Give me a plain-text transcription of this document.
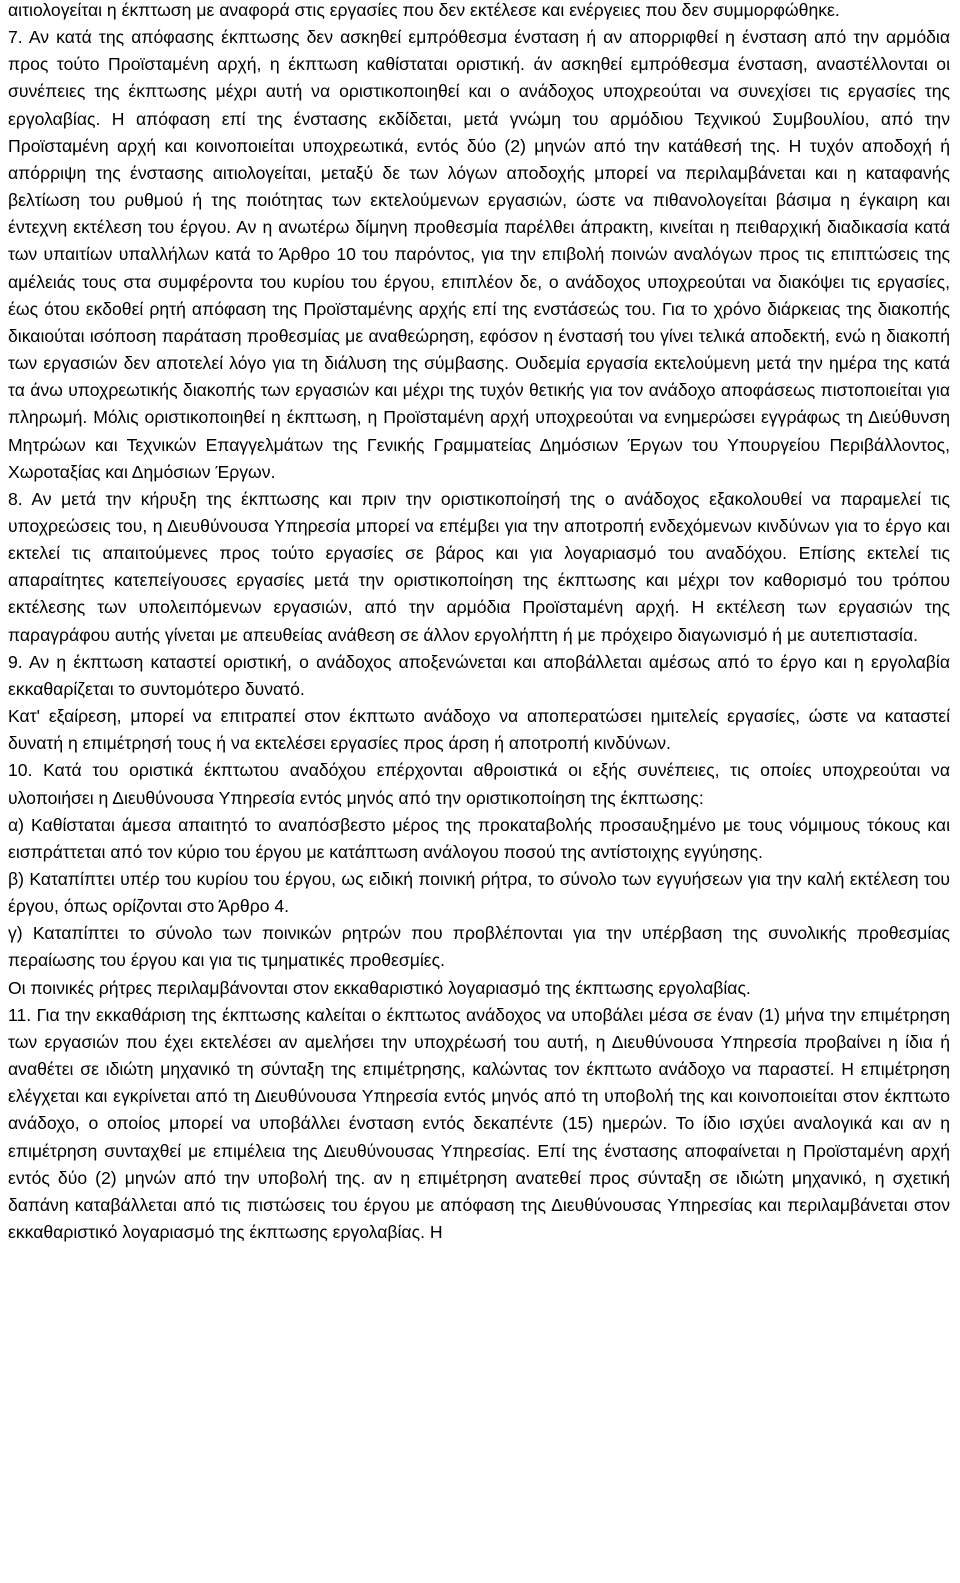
αιτιολογείται η έκπτωση με αναφορά στις εργασίες που δεν εκτέλεσε και ενέργειες που δεν συμμορφώθηκε.

7. Αν κατά της απόφασης έκπτωσης δεν ασκηθεί εμπρόθεσμα ένσταση ή αν απορριφθεί η ένσταση από την αρμόδια προς τούτο Προϊσταμένη αρχή, η έκπτωση καθίσταται οριστική. άν ασκηθεί εμπρόθεσμα ένσταση, αναστέλλονται οι συνέπειες της έκπτωσης μέχρι αυτή να οριστικοποιηθεί και ο ανάδοχος υποχρεούται να συνεχίσει τις εργασίες της εργολαβίας. Η απόφαση επί της ένστασης εκδίδεται, μετά γνώμη του αρμόδιου Τεχνικού Συμβουλίου, από την Προϊσταμένη αρχή και κοινοποιείται υποχρεωτικά, εντός δύο (2) μηνών από την κατάθεσή της. Η τυχόν αποδοχή ή απόρριψη της ένστασης αιτιολογείται, μεταξύ δε των λόγων αποδοχής μπορεί να περιλαμβάνεται και η καταφανής βελτίωση του ρυθμού ή της ποιότητας των εκτελούμενων εργασιών, ώστε να πιθανολογείται βάσιμα η έγκαιρη και έντεχνη εκτέλεση του έργου. Αν η ανωτέρω δίμηνη προθεσμία παρέλθει άπρακτη, κινείται η πειθαρχική διαδικασία κατά των υπαιτίων υπαλλήλων κατά το Άρθρο 10 του παρόντος, για την επιβολή ποινών αναλόγων προς τις επιπτώσεις της αμέλειάς τους στα συμφέροντα του κυρίου του έργου, επιπλέον δε, ο ανάδοχος υποχρεούται να διακόψει τις εργασίες, έως ότου εκδοθεί ρητή απόφαση της Προϊσταμένης αρχής επί της ενστάσεώς του. Για το χρόνο διάρκειας της διακοπής δικαιούται ισόποση παράταση προθεσμίας με αναθεώρηση, εφόσον η ένστασή του γίνει τελικά αποδεκτή, ενώ η διακοπή των εργασιών δεν αποτελεί λόγο για τη διάλυση της σύμβασης. Ουδεμία εργασία εκτελούμενη μετά την ημέρα της κατά τα άνω υποχρεωτικής διακοπής των εργασιών και μέχρι της τυχόν θετικής για τον ανάδοχο αποφάσεως πιστοποιείται για πληρωμή. Μόλις οριστικοποιηθεί η έκπτωση, η Προϊσταμένη αρχή υποχρεούται να ενημερώσει εγγράφως τη Διεύθυνση Μητρώων και Τεχνικών Επαγγελμάτων της Γενικής Γραμματείας Δημόσιων Έργων του Υπουργείου Περιβάλλοντος, Χωροταξίας και Δημόσιων Έργων.

8. Αν μετά την κήρυξη της έκπτωσης και πριν την οριστικοποίησή της ο ανάδοχος εξακολουθεί να παραμελεί τις υποχρεώσεις του, η Διευθύνουσα Υπηρεσία μπορεί να επέμβει για την αποτροπή ενδεχόμενων κινδύνων για το έργο και εκτελεί τις απαιτούμενες προς τούτο εργασίες σε βάρος και για λογαριασμό του αναδόχου. Επίσης εκτελεί τις απαραίτητες κατεπείγουσες εργασίες μετά την οριστικοποίηση της έκπτωσης και μέχρι τον καθορισμό του τρόπου εκτέλεσης των υπολειπόμενων εργασιών, από την αρμόδια Προϊσταμένη αρχή. Η εκτέλεση των εργασιών της παραγράφου αυτής γίνεται με απευθείας ανάθεση σε άλλον εργολήπτη ή με πρόχειρο διαγωνισμό ή με αυτεπιστασία.

9. Αν η έκπτωση καταστεί οριστική, ο ανάδοχος αποξενώνεται και αποβάλλεται αμέσως από το έργο και η εργολαβία εκκαθαρίζεται το συντομότερο δυνατό.

Κατ' εξαίρεση, μπορεί να επιτραπεί στον έκπτωτο ανάδοχο να αποπερατώσει ημιτελείς εργασίες, ώστε να καταστεί δυνατή η επιμέτρησή τους ή να εκτελέσει εργασίες προς άρση ή αποτροπή κινδύνων.

10. Κατά του οριστικά έκπτωτου αναδόχου επέρχονται αθροιστικά οι εξής συνέπειες, τις οποίες υποχρεούται να υλοποιήσει η Διευθύνουσα Υπηρεσία εντός μηνός από την οριστικοποίηση της έκπτωσης:

α) Καθίσταται άμεσα απαιτητό το αναπόσβεστο μέρος της προκαταβολής προσαυξημένο με τους νόμιμους τόκους και εισπράττεται από τον κύριο του έργου με κατάπτωση ανάλογου ποσού της αντίστοιχης εγγύησης.

β) Καταπίπτει υπέρ του κυρίου του έργου, ως ειδική ποινική ρήτρα, το σύνολο των εγγυήσεων για την καλή εκτέλεση του έργου, όπως ορίζονται στο Άρθρο 4.

γ) Καταπίπτει το σύνολο των ποινικών ρητρών που προβλέπονται για την υπέρβαση της συνολικής προθεσμίας περαίωσης του έργου και για τις τμηματικές προθεσμίες.

Οι ποινικές ρήτρες περιλαμβάνονται στον εκκαθαριστικό λογαριασμό της έκπτωσης εργολαβίας.

11. Για την εκκαθάριση της έκπτωσης καλείται ο έκπτωτος ανάδοχος να υποβάλει μέσα σε έναν (1) μήνα την επιμέτρηση των εργασιών που έχει εκτελέσει αν αμελήσει την υποχρέωσή του αυτή, η Διευθύνουσα Υπηρεσία προβαίνει η ίδια ή αναθέτει σε ιδιώτη μηχανικό τη σύνταξη της επιμέτρησης, καλώντας τον έκπτωτο ανάδοχο να παραστεί. Η επιμέτρηση ελέγχεται και εγκρίνεται από τη Διευθύνουσα Υπηρεσία εντός μηνός από τη υποβολή της και κοινοποιείται στον έκπτωτο ανάδοχο, ο οποίος μπορεί να υποβάλλει ένσταση εντός δεκαπέντε (15) ημερών. Το ίδιο ισχύει αναλογικά και αν η επιμέτρηση συνταχθεί με επιμέλεια της Διευθύνουσας Υπηρεσίας. Επί της ένστασης αποφαίνεται η Προϊσταμένη αρχή εντός δύο (2) μηνών από την υποβολή της. αν η επιμέτρηση ανατεθεί προς σύνταξη σε ιδιώτη μηχανικό, η σχετική δαπάνη καταβάλλεται από τις πιστώσεις του έργου με απόφαση της Διευθύνουσας Υπηρεσίας και περιλαμβάνεται στον εκκαθαριστικό λογαριασμό της έκπτωσης εργολαβίας. Η
